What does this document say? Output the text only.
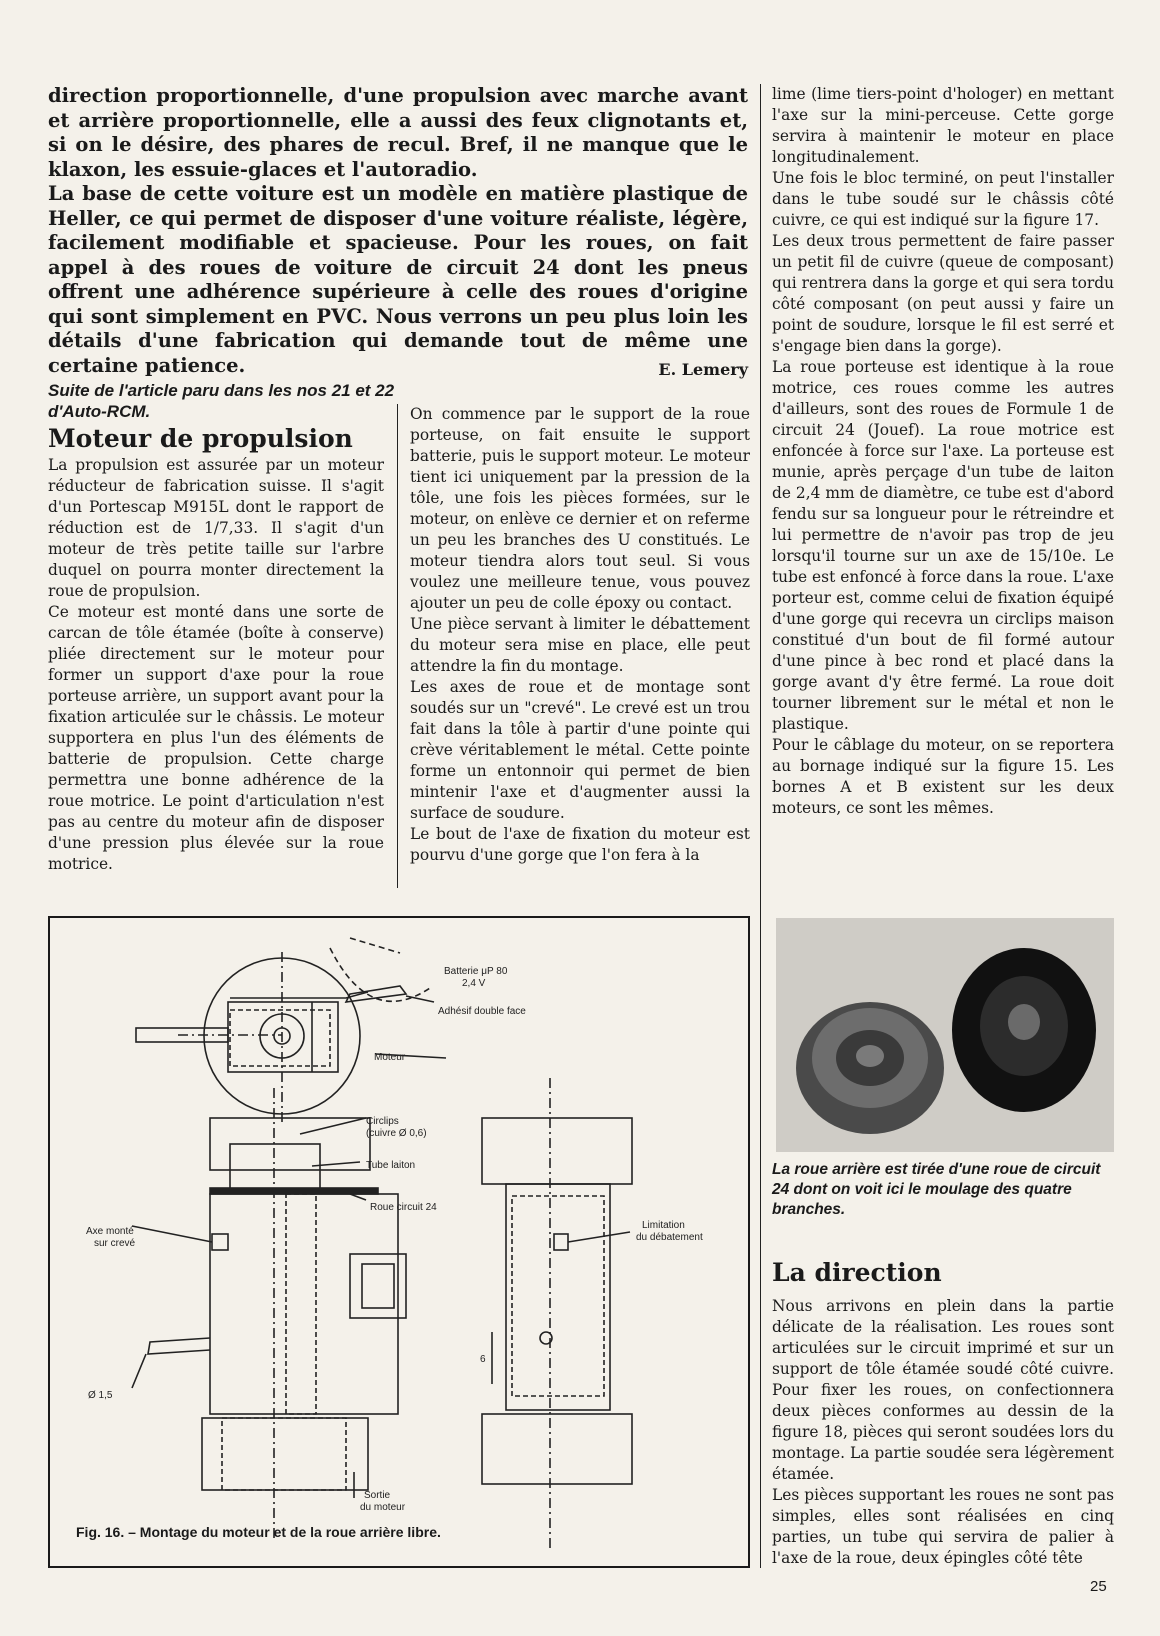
direction proportionnelle, d'une propulsion avec marche avant et arrière proportionnelle, elle a aussi des feux clignotants et, si on le désire, des phares de recul. Bref, il ne manque que le klaxon, les essuie-glaces et l'autoradio.

La base de cette voiture est un modèle en matière plastique de Heller, ce qui permet de disposer d'une voiture réaliste, légère, facilement modifiable et spacieuse. Pour les roues, on fait appel à des roues de voiture de circuit 24 dont les pneus offrent une adhérence supérieure à celle des roues d'origine qui sont simplement en PVC. Nous verrons un peu plus loin les détails d'une fabrication qui demande tout de même une certaine patience.	E. Lemery
Suite de l'article paru dans les nos 21 et 22 d'Auto-RCM.
Moteur de propulsion

La propulsion est assurée par un moteur réducteur de fabrication suisse. Il s'agit d'un Portescap M915L dont le rapport de réduction est de 1/7,33. Il s'agit d'un moteur de très petite taille sur l'arbre duquel on pourra monter directement la roue de propulsion.

Ce moteur est monté dans une sorte de carcan de tôle étamée (boîte à conserve) pliée directement sur le moteur pour former un support d'axe pour la roue porteuse arrière, un support avant pour la fixation articulée sur le châssis. Le moteur supportera en plus l'un des éléments de batterie de propulsion. Cette charge permettra une bonne adhérence de la roue motrice. Le point d'articulation n'est pas au centre du moteur afin de disposer d'une pression plus élevée sur la roue motrice.

On commence par le support de la roue porteuse, on fait ensuite le support batterie, puis le support moteur. Le moteur tient ici uniquement par la pression de la tôle, une fois les pièces formées, sur le moteur, on enlève ce dernier et on referme un peu les branches des U constitués. Le moteur tiendra alors tout seul. Si vous voulez une meilleure tenue, vous pouvez ajouter un peu de colle époxy ou contact.

Une pièce servant à limiter le débattement du moteur sera mise en place, elle peut attendre la fin du montage.

Les axes de roue et de montage sont soudés sur un "crevé". Le crevé est un trou fait dans la tôle à partir d'une pointe qui crève véritablement le métal. Cette pointe forme un entonnoir qui permet de bien mintenir l'axe et d'augmenter aussi la surface de soudure.

Le bout de l'axe de fixation du moteur est pourvu d'une gorge que l'on fera à la

lime (lime tiers-point d'hologer) en mettant l'axe sur la mini-perceuse. Cette gorge servira à maintenir le moteur en place longitudinalement.

Une fois le bloc terminé, on peut l'installer dans le tube soudé sur le châssis côté cuivre, ce qui est indiqué sur la figure 17.

Les deux trous permettent de faire passer un petit fil de cuivre (queue de composant) qui rentrera dans la gorge et qui sera tordu côté composant (on peut aussi y faire un point de soudure, lorsque le fil est serré et s'engage bien dans la gorge).

La roue porteuse est identique à la roue motrice, ces roues comme les autres d'ailleurs, sont des roues de Formule 1 de circuit 24 (Jouef). La roue motrice est enfoncée à force sur l'axe. La porteuse est munie, après perçage d'un tube de laiton de 2,4 mm de diamètre, ce tube est d'abord fendu sur sa longueur pour le rétreindre et lui permettre de n'avoir pas trop de jeu lorsqu'il tourne sur un axe de 15/10e. Le tube est enfoncé à force dans la roue. L'axe porteur est, comme celui de fixation équipé d'une gorge qui recevra un circlips maison constitué d'un bout de fil formé autour d'une pince à bec rond et placé dans la gorge avant d'y être fermé. La roue doit tourner librement sur le métal et non le plastique.

Pour le câblage du moteur, on se reportera au bornage indiqué sur la figure 15. Les bornes A et B existent sur les deux moteurs, ce sont les mêmes.

Batterie μP 80
2,4 V
Adhésif double face
Moteur
Circlips
(cuivre Ø 0,6)
Tube laiton
Roue circuit 24
Axe monté
sur crevé
Limitation
du débatement
Ø 1,5
6
Sortie
du moteur
Fig. 16. – Montage du moteur et de la roue arrière libre.
La roue arrière est tirée d'une roue de circuit 24 dont on voit ici le moulage des quatre branches.
La direction

Nous arrivons en plein dans la partie délicate de la réalisation. Les roues sont articulées sur le circuit imprimé et sur un support de tôle étamée soudé côté cuivre. Pour fixer les roues, on confectionnera deux pièces conformes au dessin de la figure 18, pièces qui seront soudées lors du montage. La partie soudée sera légèrement étamée.

Les pièces supportant les roues ne sont pas simples, elles sont réalisées en cinq parties, un tube qui servira de palier à l'axe de la roue, deux épingles côté tête

25
